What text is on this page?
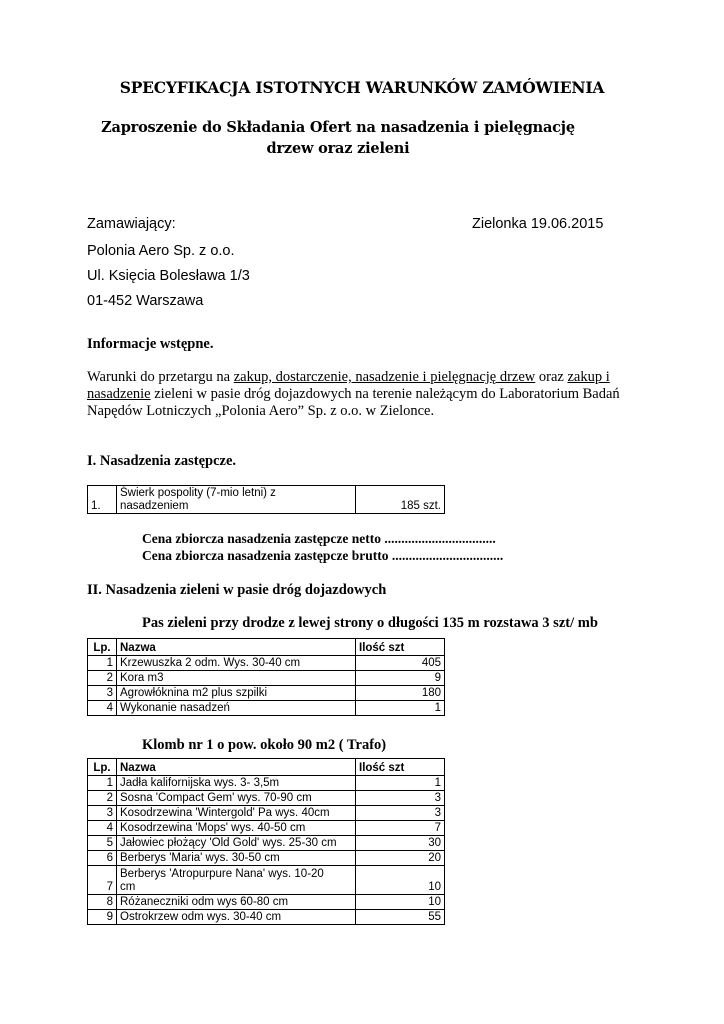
SPECYFIKACJA ISTOTNYCH WARUNKÓW ZAMÓWIENIA
Zaproszenie do Składania Ofert na nasadzenia i pielęgnację
drzew oraz zieleni
Zamawiający:	Zielonka 19.06.2015
Polonia Aero Sp. z o.o.
Ul. Księcia Bolesława 1/3
01-452 Warszawa
Informacje wstępne.
Warunki do przetargu na zakup, dostarczenie, nasadzenie i pielęgnację drzew oraz zakup i
nasadzenie zieleni w pasie dróg dojazdowych na terenie należącym do Laboratorium Badań
Napędów Lotniczych „Polonia Aero” Sp. z o.o. w Zielonce.
I. Nasadzenia zastępcze.
1.	Świerk pospolity (7-mio letni) z
nasadzeniem	185 szt.
Cena zbiorcza nasadzenia zastępcze netto .................................
Cena zbiorcza nasadzenia zastępcze brutto .................................
II. Nasadzenia zieleni w pasie dróg dojazdowych
Pas zieleni przy drodze z lewej strony o długości 135 m rozstawa 3 szt/ mb
Lp.	Nazwa	Ilość szt
1	Krzewuszka 2 odm. Wys. 30-40 cm	405
2	Kora m3	9
3	Agrowłóknina m2 plus szpilki	180
4	Wykonanie nasadzeń	1
Klomb nr 1 o pow. około 90 m2 ( Trafo)
Lp.	Nazwa	Ilość szt
1	Jadła kalifornijska wys. 3- 3,5m	1
2	Sosna 'Compact Gem' wys. 70-90 cm	3
3	Kosodrzewina 'Wintergold' Pa wys. 40cm	3
4	Kosodrzewina 'Mops' wys. 40-50 cm	7
5	Jałowiec płożący 'Old Gold' wys. 25-30 cm	30
6	Berberys 'Maria' wys. 30-50 cm	20
7	Berberys 'Atropurpure Nana' wys. 10-20
cm	10
8	Różaneczniki odm wys 60-80 cm	10
9	Ostrokrzew odm wys. 30-40 cm	55
